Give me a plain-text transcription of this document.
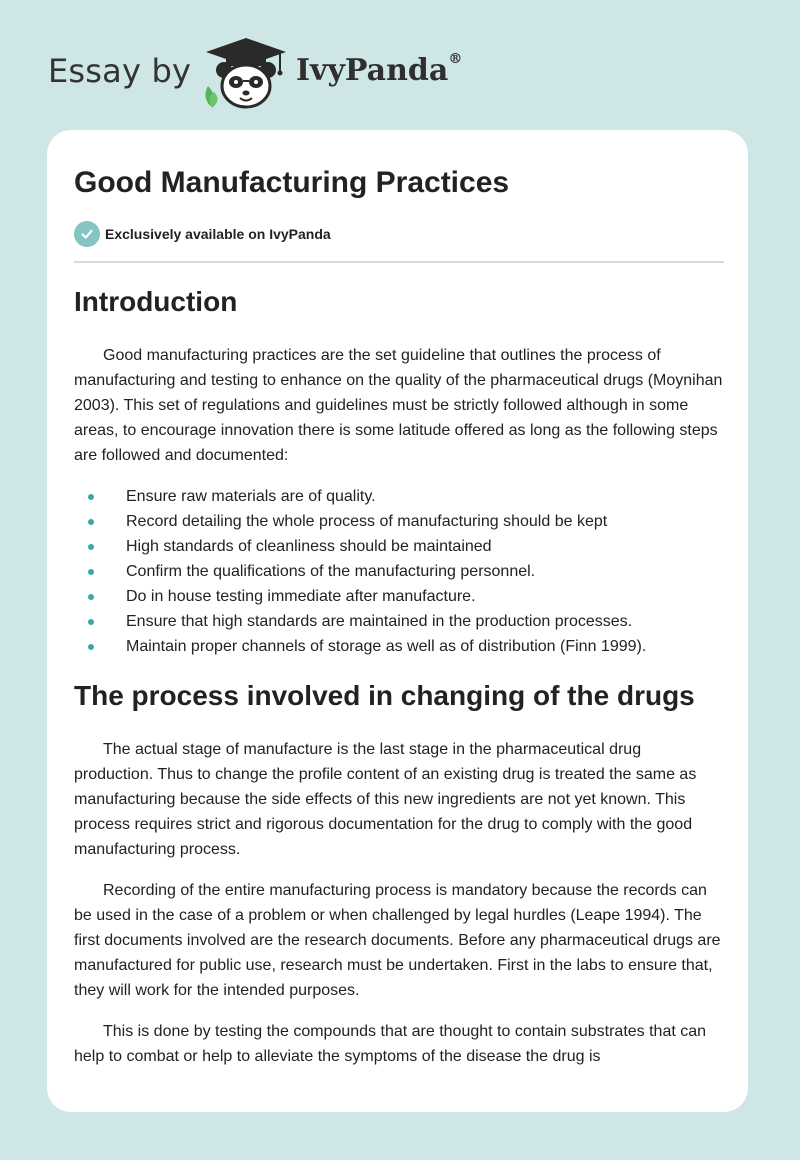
Essay by	IvyPanda®
Good Manufacturing Practices
Exclusively available on IvyPanda
Introduction

Good manufacturing practices are the set guideline that outlines the process of manufacturing and testing to enhance on the quality of the pharmaceutical drugs (Moynihan 2003). This set of regulations and guidelines must be strictly followed although in some areas, to encourage innovation there is some latitude offered as long as the following steps are followed and documented:

Ensure raw materials are of quality.
Record detailing the whole process of manufacturing should be kept
High standards of cleanliness should be maintained
Confirm the qualifications of the manufacturing personnel.
Do in house testing immediate after manufacture.
Ensure that high standards are maintained in the production processes.
Maintain proper channels of storage as well as of distribution (Finn 1999).
The process involved in changing of the drugs

The actual stage of manufacture is the last stage in the pharmaceutical drug production. Thus to change the profile content of an existing drug is treated the same as manufacturing because the side effects of this new ingredients are not yet known. This process requires strict and rigorous documentation for the drug to comply with the good manufacturing process.

Recording of the entire manufacturing process is mandatory because the records can be used in the case of a problem or when challenged by legal hurdles (Leape 1994). The first documents involved are the research documents. Before any pharmaceutical drugs are manufactured for public use, research must be undertaken. First in the labs to ensure that, they will work for the intended purposes.

This is done by testing the compounds that are thought to contain substrates that can help to combat or help to alleviate the symptoms of the disease the drug is
